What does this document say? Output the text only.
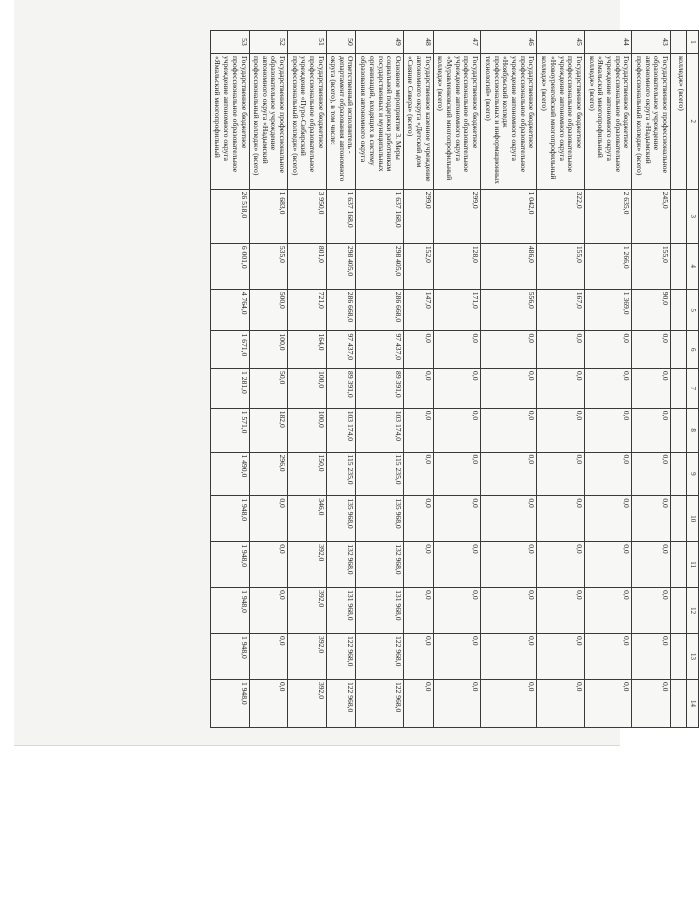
1	2	3	4	5	6	7	8	9	10	11	12	13	14
	колледж» (всего)												
43	Государственное профессиональное образовательное учреждение автономного округа «Надымский профессиональный колледж» (всего)	245,0	155,0	90,0	0,0	0,0	0,0	0,0	0,0	0,0	0,0	0,0	0,0
44	Государственное бюджетное профессиональное образовательное учреждение автономного округа «Ямальский многопрофильный колледж» (всего)	2 635,0	1 266,0	1 369,0	0,0	0,0	0,0	0,0	0,0	0,0	0,0	0,0	0,0
45	Государственное бюджетное профессиональное образовательное учреждение автономного округа «Новоуренгойский многопрофильный колледж» (всего)	322,0	155,0	167,0	0,0	0,0	0,0	0,0	0,0	0,0	0,0	0,0	0,0
46	Государственное бюджетное профессиональное образовательное учреждение автономного округа «Ноябрьский колледж профессиональных и информационных технологий» (всего)	1 042,0	486,0	556,0	0,0	0,0	0,0	0,0	0,0	0,0	0,0	0,0	0,0
47	Государственное бюджетное профессиональное образовательное учреждение автономного округа «Муравленковский многопрофильный колледж» (всего)	299,0	128,0	171,0	0,0	0,0	0,0	0,0	0,0	0,0	0,0	0,0	0,0
48	Государственное казенное учреждение автономного округа «Детский дом «Сияние Севера» (всего)	299,0	152,0	147,0	0,0	0,0	0,0	0,0	0,0	0,0	0,0	0,0	0,0
49	Основное мероприятие 3. Меры социальной поддержки работникам государственных и муниципальных организаций, входящих в систему образования автономного округа	1 637 168,0	298 405,0	286 668,0	97 437,0	89 391,0	103 174,0	115 235,0	135 968,0	132 968,0	131 968,0	122 968,0	122 968,0
50	Ответственный исполнитель - департамент образования автономного округа (всего), в том числе:	1 637 168,0	298 405,0	286 668,0	97 437,0	89 391,0	103 174,0	115 235,0	135 968,0	132 968,0	131 968,0	122 968,0	122 968,0
51	Государственное бюджетное профессиональное образовательное учреждение «Пуро-Сибирский профессиональный колледж» (всего)	3 950,0	801,0	721,0	164,0	100,0	100,0	150,0	346,0	392,0	392,0	392,0	392,0
52	Государственное профессиональное образовательное учреждение автономного округа «Надымский профессиональный колледж» (всего)	1 683,0	535,0	500,0	100,0	50,0	182,0	296,0	0,0	0,0	0,0	0,0	0,0
53	Государственное бюджетное профессиональное образовательное учреждение автономного округа «Ямальский многопрофильный	26 518,0	6 001,0	4 764,0	1 671,0	1 281,0	1 571,0	1 490,0	1 948,0	1 948,0	1 948,0	1 948,0	1 948,0
